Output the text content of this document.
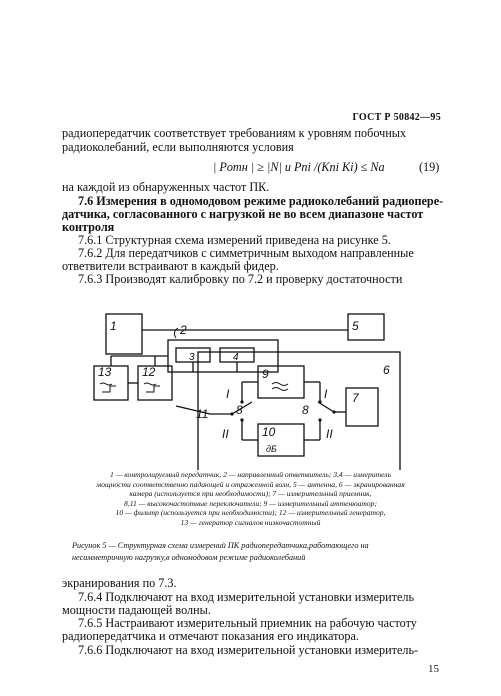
ГОСТ Р 50842—95
радиопередатчик соответствует требованиям к уровням побочных
радиоколебаний, если выполняются условия
| Pотн | ≥ |N| и Pпi /(Kпi Ki) ≤ Nа	(19)
на каждой из обнаруженных частот ПК.
7.6 Измерения в одномодовом режиме радиоколебаний радиопере-
датчика, согласованного с нагрузкой не во всем диапазоне частот
контроля
7.6.1 Структурная схема измерений приведена на рисунке 5.
7.6.2 Для передатчиков с симметричным выходом направленные
ответвители встраивают в каждый фидер.
7.6.3 Производят калибровку по 7.2 и проверку достаточности
1	2
3	4
5
6
7
8	8
9
10
дБ
11
12
13
I
II
I
II
1 — контролируемый передатчик, 2 — направленный ответвитель; 3,4 — измеритель
мощности соответственно падающей и отраженной волн, 5 — антенна, 6 — экранированная
камера (используется при необходимости); 7 — измерительный приемник,
8,11 — высокочастотные переключатели; 9 — измерительный аттенюатор;
10 — фильтр (используется при необходимости); 12 — измерительный генератор,
13 — генератор сигналов низкочастотный
Рисунок 5 — Структурная схема измерений ПК радиопередатчика,работающего на
несимметричную нагрузку,в одномодовом режиме радиоколебаний
экранирования по 7.3.
7.6.4 Подключают на вход измерительной установки измеритель
мощности падающей волны.
7.6.5 Настраивают измерительный приемник на рабочую частоту
радиопередатчика и отмечают показания его индикатора.
7.6.6 Подключают на вход измерительной установки измеритель-
15
